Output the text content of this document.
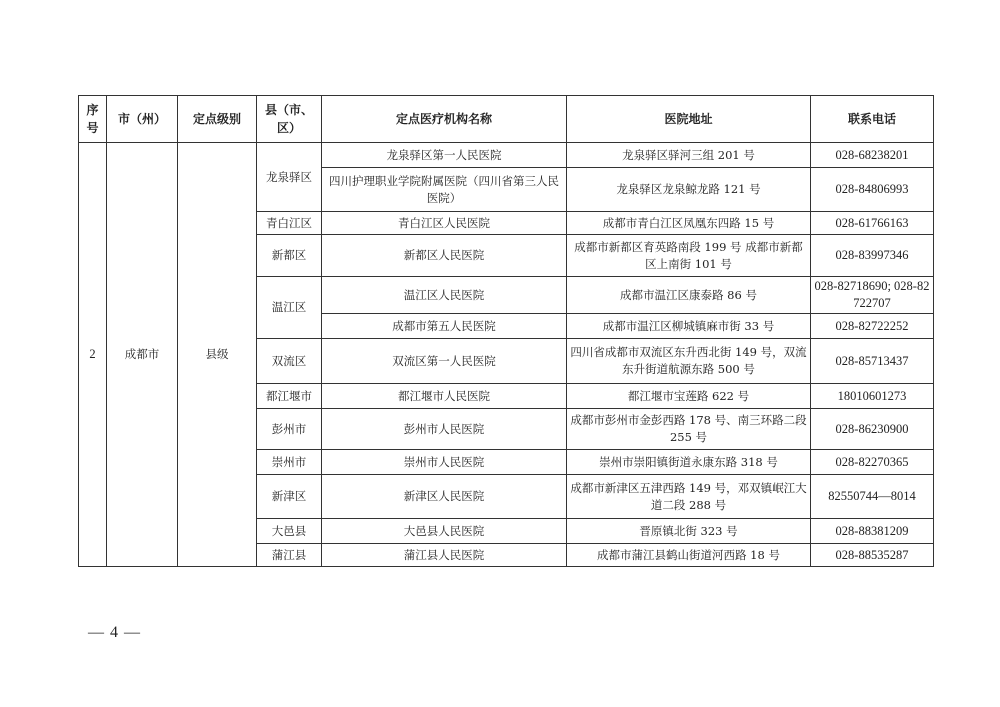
序号	市（州）	定点级别	县（市、区）	定点医疗机构名称	医院地址	联系电话
2	成都市	县级	龙泉驿区	龙泉驿区第一人民医院	龙泉驿区驿河三组 201 号	028-68238201
				四川护理职业学院附属医院（四川省第三人民医院）	龙泉驿区龙泉鲸龙路 121 号	028-84806993
			青白江区	青白江区人民医院	成都市青白江区凤凰东四路 15 号	028-61766163
			新都区	新都区人民医院	成都市新都区育英路南段 199 号 成都市新都区上南街 101 号	028-83997346
			温江区	温江区人民医院	成都市温江区康泰路 86 号	028-82718690; 028-82722707
				成都市第五人民医院	成都市温江区柳城镇麻市街 33 号	028-82722252
			双流区	双流区第一人民医院	四川省成都市双流区东升西北街 149 号，双流东升街道航源东路 500 号	028-85713437
			都江堰市	都江堰市人民医院	都江堰市宝莲路 622 号	18010601273
			彭州市	彭州市人民医院	成都市彭州市金彭西路 178 号、南三环路二段 255 号	028-86230900
			崇州市	崇州市人民医院	崇州市崇阳镇街道永康东路 318 号	028-82270365
			新津区	新津区人民医院	成都市新津区五津西路 149 号，邓双镇岷江大道二段 288 号	82550744—8014
			大邑县	大邑县人民医院	晋原镇北街 323 号	028-88381209
			蒲江县	蒲江县人民医院	成都市蒲江县鹤山街道河西路 18 号	028-88535287
— 4 —
